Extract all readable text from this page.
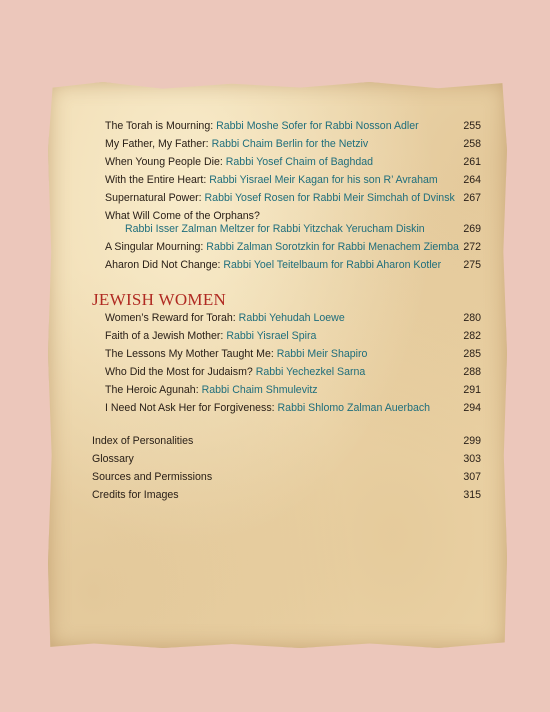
The Torah is Mourning: Rabbi Moshe Sofer for Rabbi Nosson Adler	255
My Father, My Father: Rabbi Chaim Berlin for the Netziv	258
When Young People Die: Rabbi Yosef Chaim of Baghdad	261
With the Entire Heart: Rabbi Yisrael Meir Kagan for his son R’ Avraham 264
Supernatural Power: Rabbi Yosef Rosen for Rabbi Meir Simchah of Dvinsk 267
What Will Come of the Orphans?
Rabbi Isser Zalman Meltzer for Rabbi Yitzchak Yerucham Diskin	269
A Singular Mourning: Rabbi Zalman Sorotzkin for Rabbi Menachem Ziemba 272
Aharon Did Not Change: Rabbi Yoel Teitelbaum for Rabbi Aharon Kotler 275
JEWISH WOMEN
Women’s Reward for Torah: Rabbi Yehudah Loewe	280
Faith of a Jewish Mother: Rabbi Yisrael Spira	282
The Lessons My Mother Taught Me: Rabbi Meir Shapiro	285
Who Did the Most for Judaism? Rabbi Yechezkel Sarna	288
The Heroic Agunah: Rabbi Chaim Shmulevitz	291
I Need Not Ask Her for Forgiveness: Rabbi Shlomo Zalman Auerbach	294
Index of Personalities	299
Glossary	303
Sources and Permissions	307
Credits for Images	315
